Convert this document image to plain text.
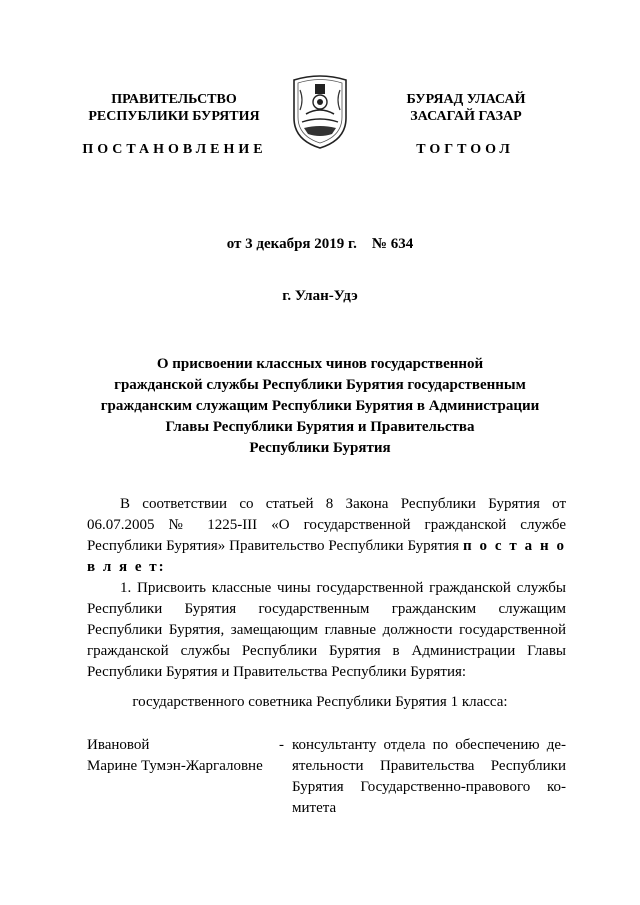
ПРАВИТЕЛЬСТВО
РЕСПУБЛИКИ БУРЯТИЯ
ПОСТАНОВЛЕНИЕ
БУРЯАД УЛАСАЙ
ЗАСАГАЙ ГАЗАР
ТОГТООЛ
от 3 декабря 2019 г.    № 634
г. Улан-Удэ
О присвоении классных чинов государственной
гражданской службы Республики Бурятия государственным
гражданским служащим Республики Бурятия в Администрации
Главы Республики Бурятия и Правительства
Республики Бурятия

В соответствии со статьей 8 Закона Республики Бурятия от 06.07.2005 № 1225-III «О государственной гражданской службе Республики Бурятия» Правительство Республики Бурятия п о с т а н о в л я е т:

1. Присвоить классные чины государственной гражданской службы Республики Бурятия государственным гражданским служащим Республики Бурятия, замещающим главные должности государственной гражданской службы Республики Бурятия в Администрации Главы Республики Бурятия и Правительства Республики Бурятия:

государственного советника Республики Бурятия 1 класса:
Ивановой
Марине Тумэн-Жаргаловне
- консультанту отдела по обеспечению де-
ятельности Правительства Республики
Бурятия Государственно-правового ко-
митета
